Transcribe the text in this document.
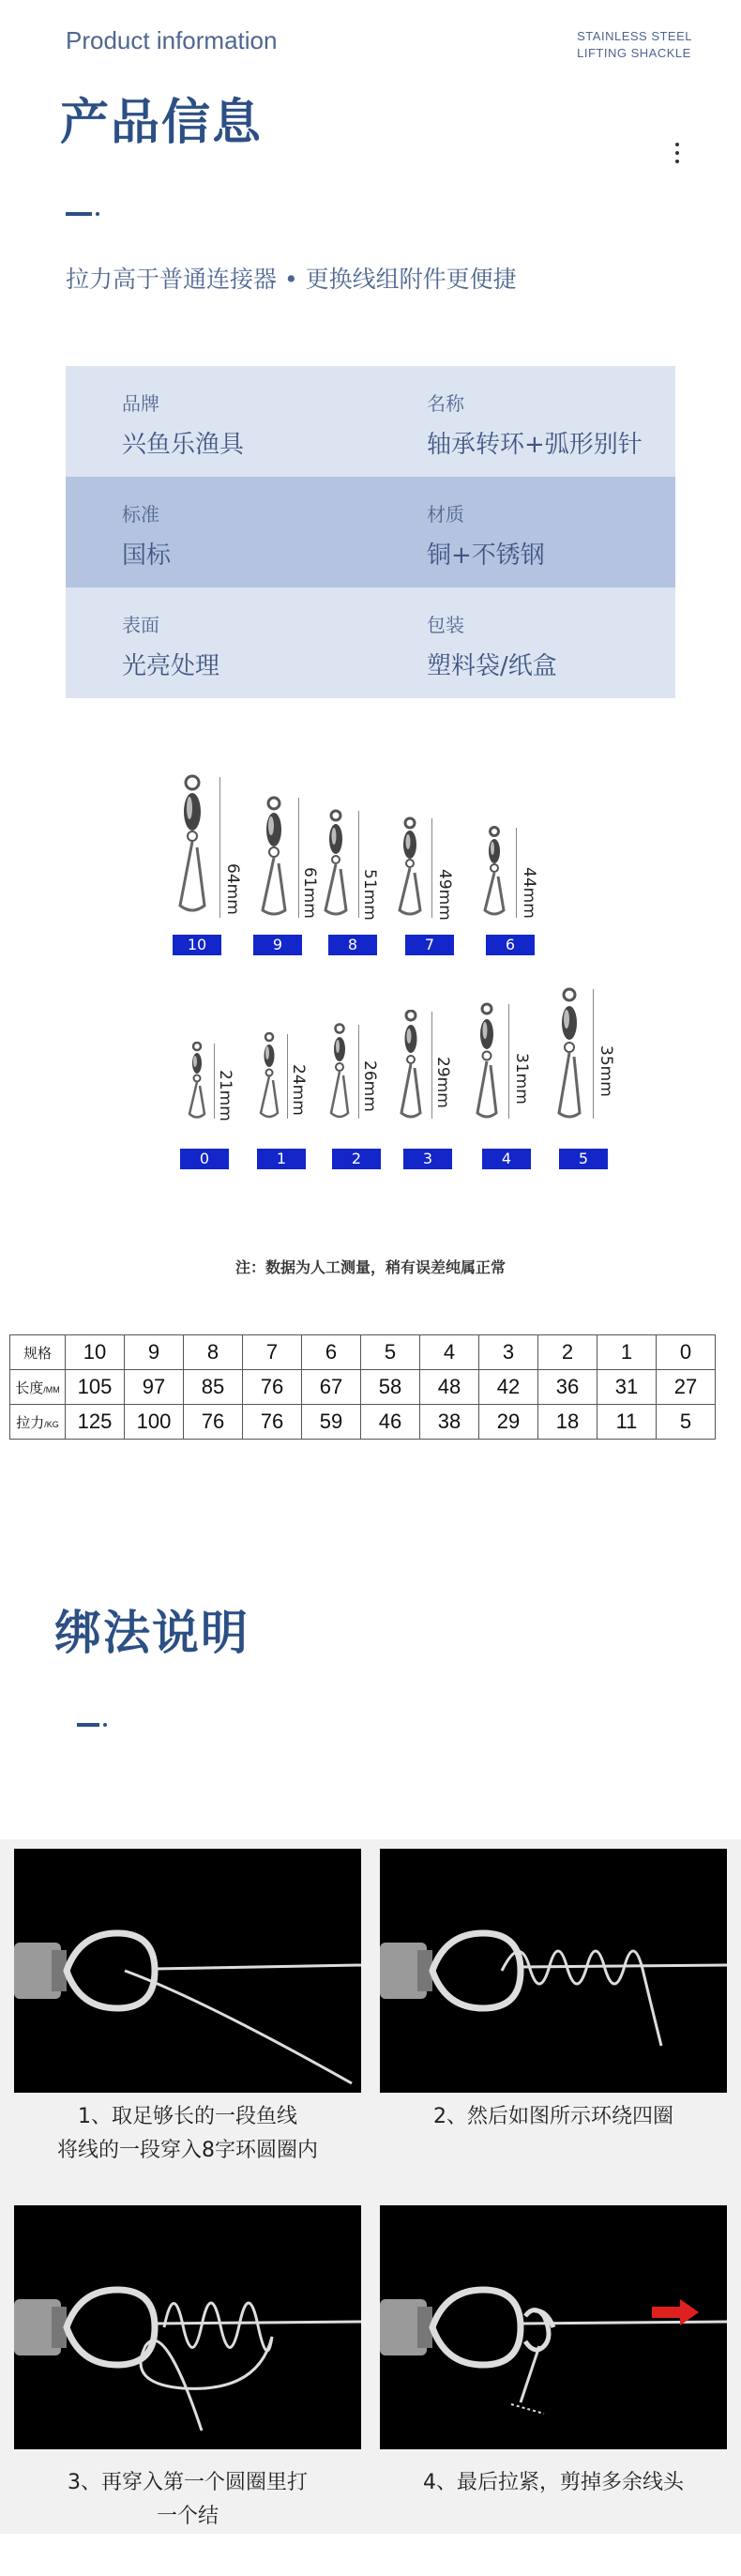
Product information	STAINLESS STEEL
LIFTING SHACKLE
产品信息
拉力高于普通连接器 • 更换线组附件更便捷
品牌
兴鱼乐渔具
名称
轴承转环+弧形别针
标准
国标
材质
铜+不锈钢
表面
光亮处理
包装
塑料袋/纸盒
64mm
10
61mm
9
51mm
8
49mm
7
44mm
6
21mm
0
24mm
1
26mm
2
29mm
3
31mm
4
35mm
5
注：数据为人工测量，稍有误差纯属正常
规格	10	9	8	7	6	5	4	3	2	1	0
长度/MM	105	97	85	76	67	58	48	42	36	31	27
拉力/KG	125	100	76	76	59	46	38	29	18	11	5
绑法说明
1、取足够长的一段鱼线
将线的一段穿入8字环圆圈内
2、然后如图所示环绕四圈
3、再穿入第一个圆圈里打
一个结
4、最后拉紧，剪掉多余线头
